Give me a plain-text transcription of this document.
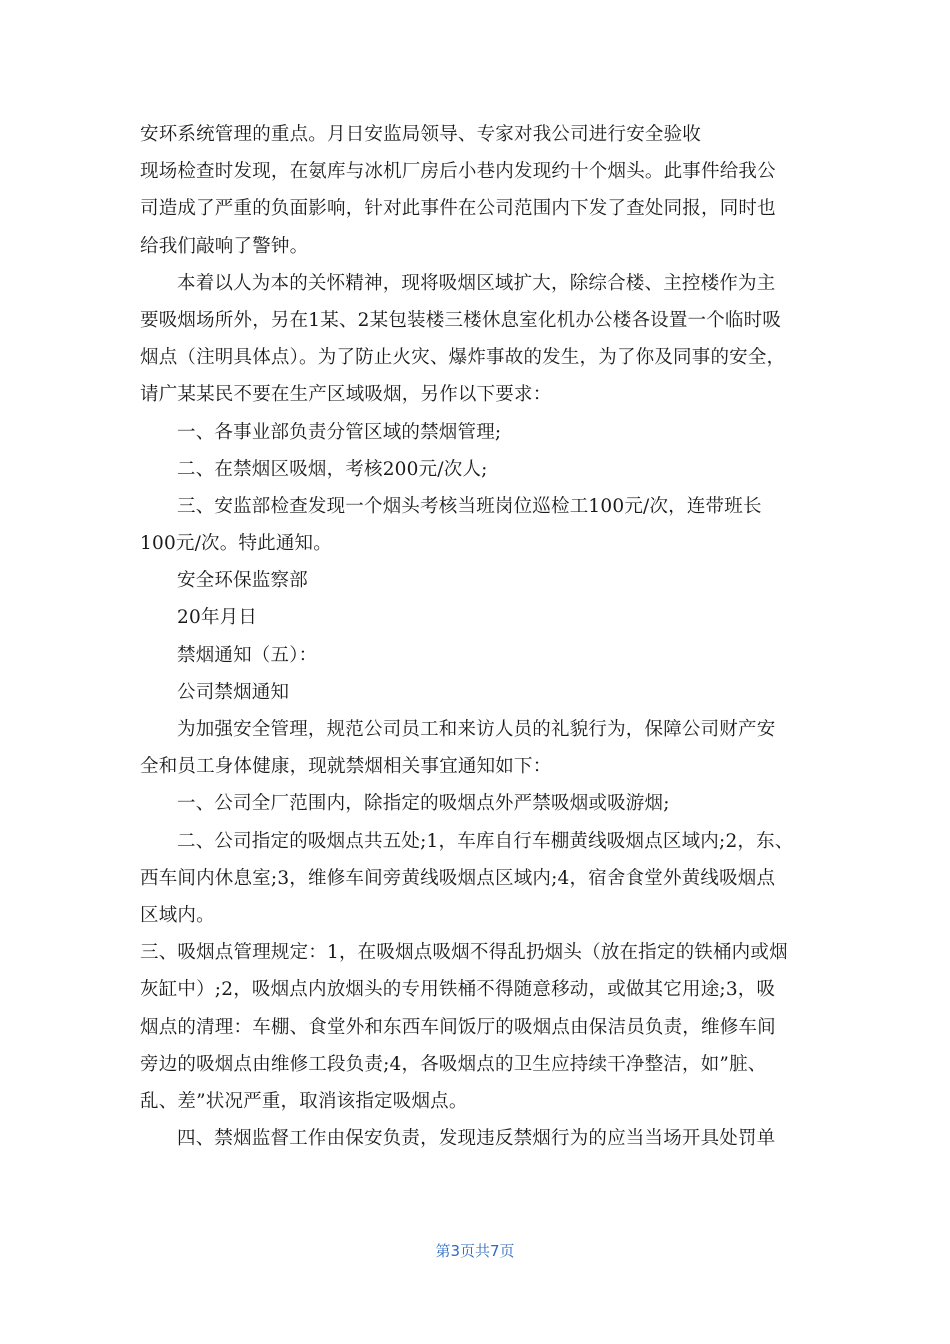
安环系统管理的重点。月日安监局领导、专家对我公司进行安全验收
现场检查时发现，在氨库与冰机厂房后小巷内发现约十个烟头。此事件给我公
司造成了严重的负面影响，针对此事件在公司范围内下发了查处同报，同时也
给我们敲响了警钟。
本着以人为本的关怀精神，现将吸烟区域扩大，除综合楼、主控楼作为主
要吸烟场所外，另在1某、2某包装楼三楼休息室化机办公楼各设置一个临时吸
烟点（注明具体点）。为了防止火灾、爆炸事故的发生，为了你及同事的安全，
请广某某民不要在生产区域吸烟，另作以下要求：
一、各事业部负责分管区域的禁烟管理;
二、在禁烟区吸烟，考核200元/次人;
三、安监部检查发现一个烟头考核当班岗位巡检工100元/次，连带班长
100元/次。特此通知。
安全环保监察部
20年月日
禁烟通知（五）：
公司禁烟通知
为加强安全管理，规范公司员工和来访人员的礼貌行为，保障公司财产安
全和员工身体健康，现就禁烟相关事宜通知如下：
一、公司全厂范围内，除指定的吸烟点外严禁吸烟或吸游烟;
二、公司指定的吸烟点共五处;1，车库自行车棚黄线吸烟点区域内;2，东、
西车间内休息室;3，维修车间旁黄线吸烟点区域内;4，宿舍食堂外黄线吸烟点
区域内。
三、吸烟点管理规定：1，在吸烟点吸烟不得乱扔烟头（放在指定的铁桶内或烟
灰缸中）;2，吸烟点内放烟头的专用铁桶不得随意移动，或做其它用途;3，吸
烟点的清理：车棚、食堂外和东西车间饭厅的吸烟点由保洁员负责，维修车间
旁边的吸烟点由维修工段负责;4，各吸烟点的卫生应持续干净整洁，如”脏、
乱、差”状况严重，取消该指定吸烟点。
四、禁烟监督工作由保安负责，发现违反禁烟行为的应当当场开具处罚单
第3页共7页
